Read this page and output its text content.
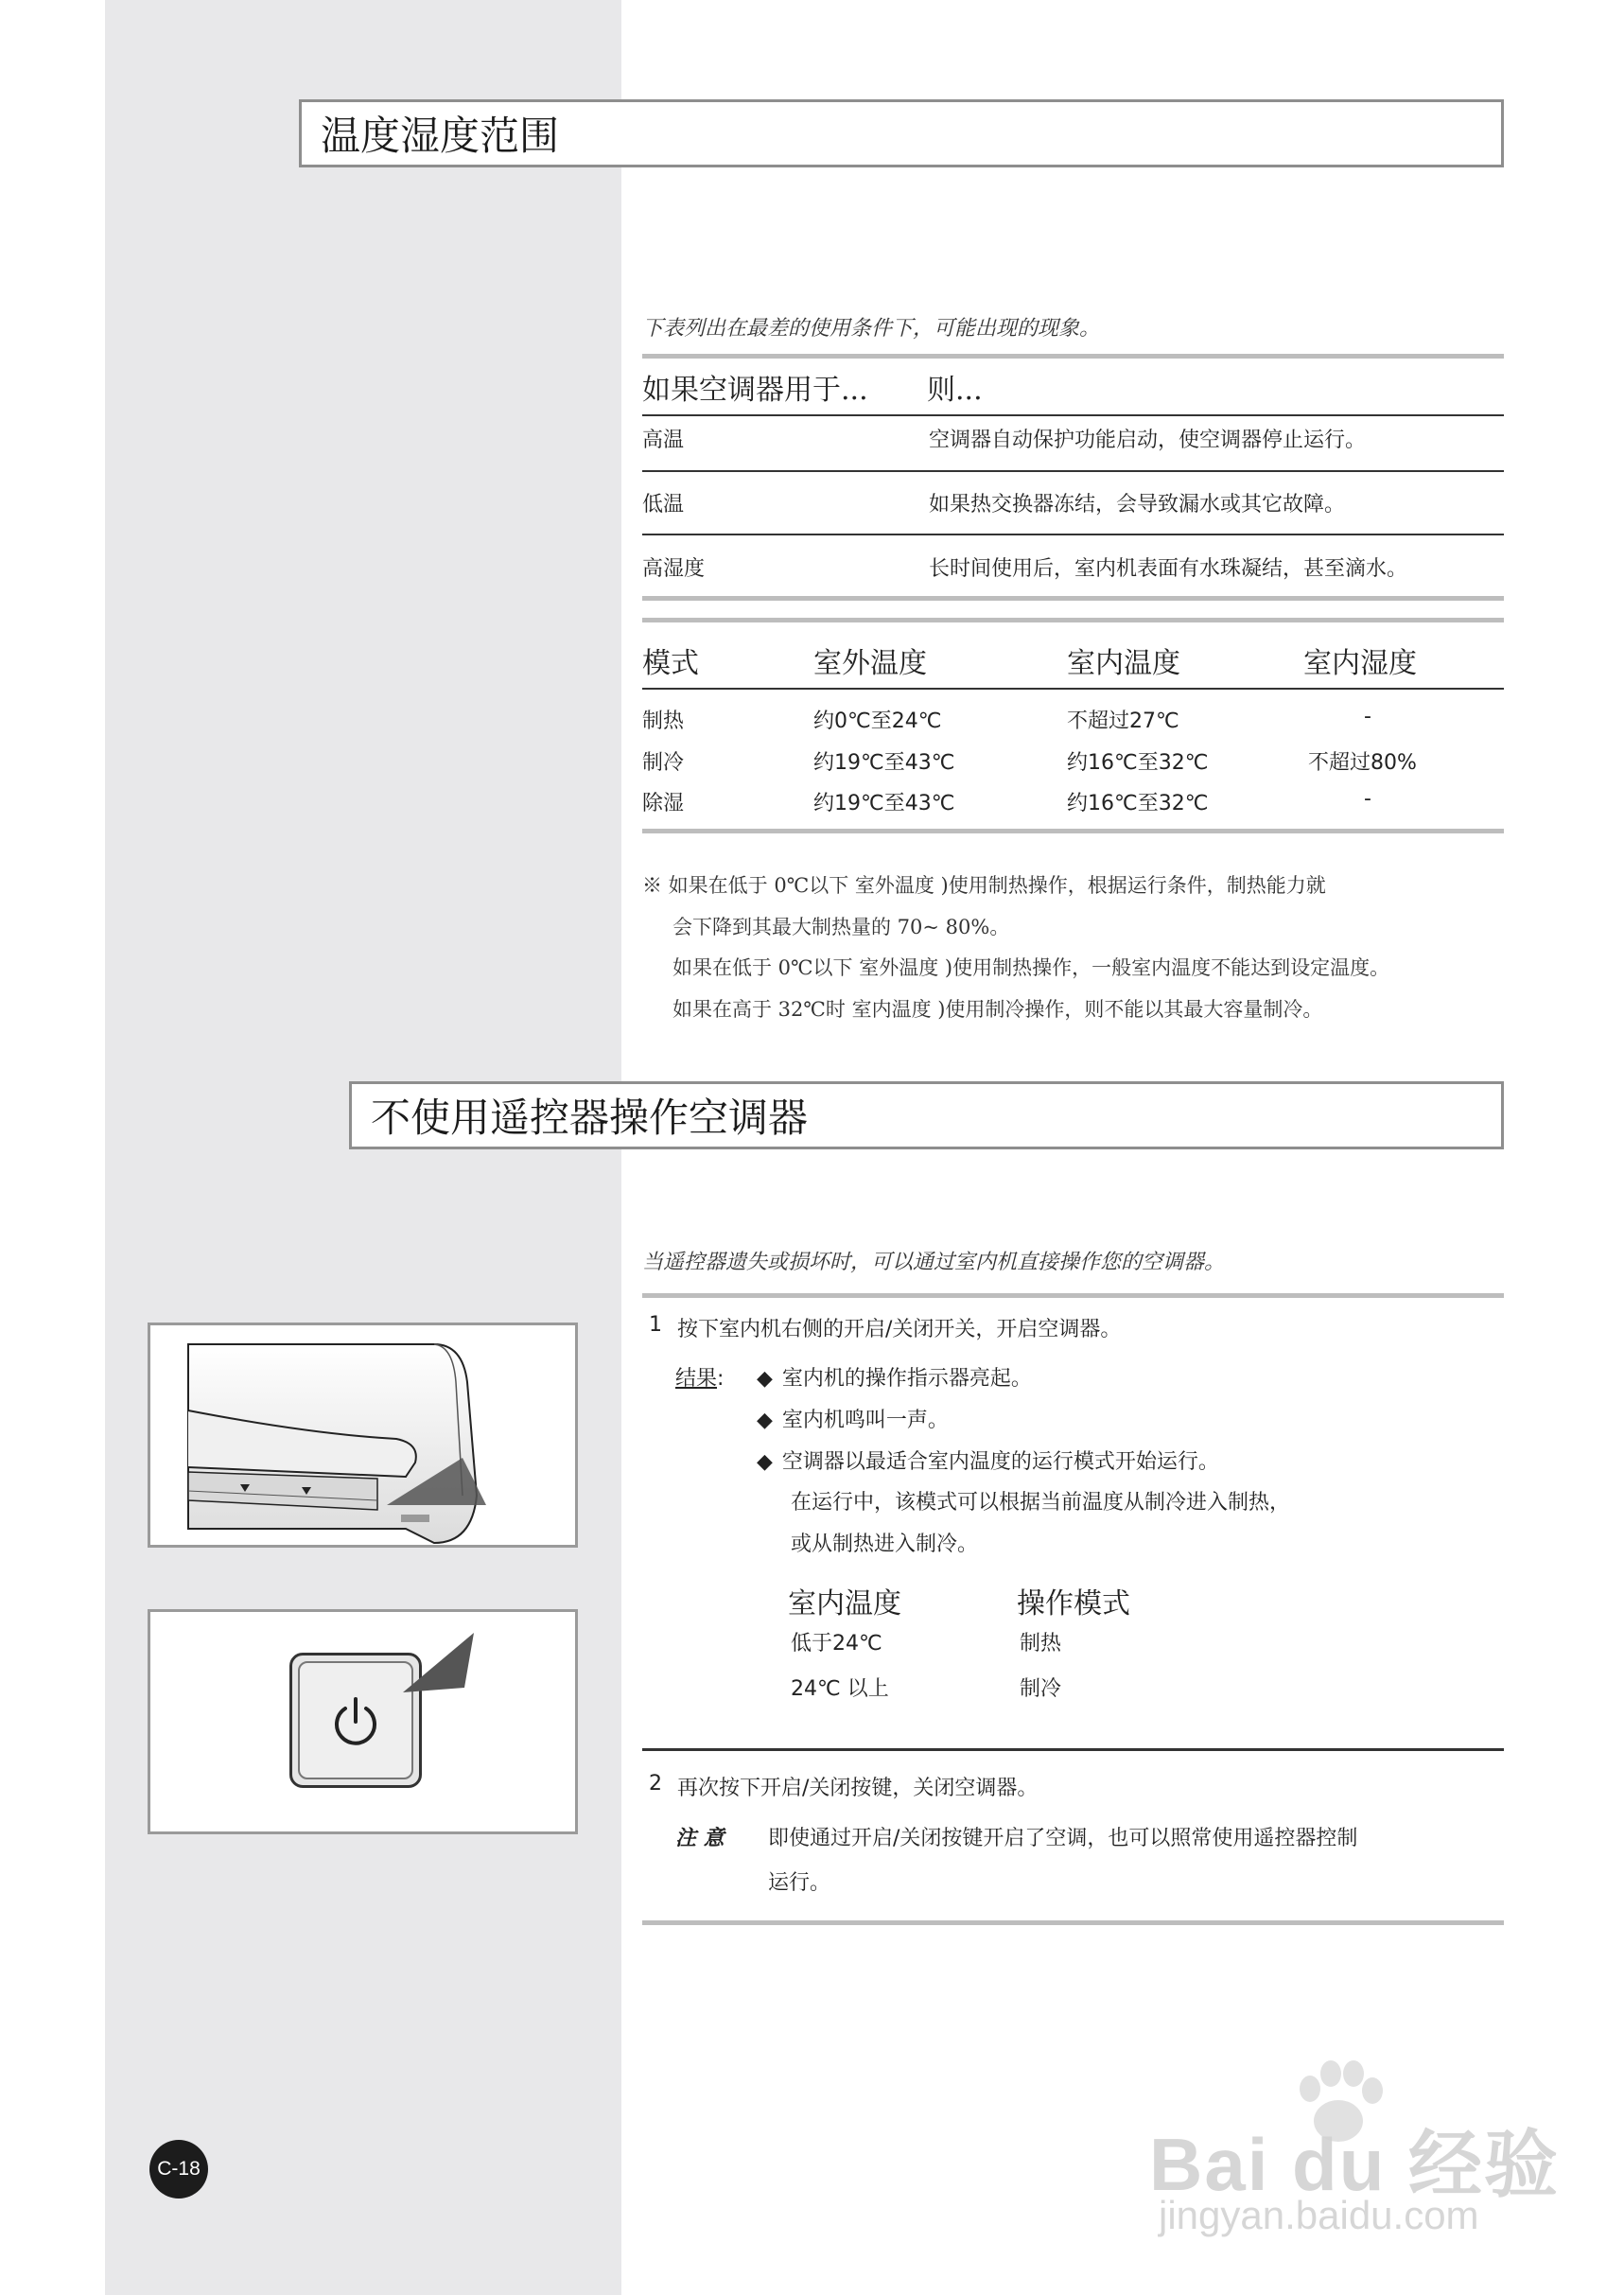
温度湿度范围
下表列出在最差的使用条件下，可能出现的现象。
如果空调器用于... 则...
高温	空调器自动保护功能启动，使空调器停止运行。
低温	如果热交换器冻结，会导致漏水或其它故障。
高湿度	长时间使用后，室内机表面有水珠凝结，甚至滴水。
模式	室外温度	室内温度	室内湿度
制热	约0℃至24℃	不超过27℃	-
制冷	约19℃至43℃	约16℃至32℃	不超过80%
除湿	约19℃至43℃	约16℃至32℃	-
※ 如果在低于 0℃以下 室外温度 )使用制热操作，根据运行条件，制热能力就
会下降到其最大制热量的 70~ 80%。
如果在低于 0℃以下 室外温度 )使用制热操作，一般室内温度不能达到设定温度。
如果在高于 32℃时 室内温度 )使用制冷操作，则不能以其最大容量制冷。
不使用遥控器操作空调器
当遥控器遗失或损坏时，可以通过室内机直接操作您的空调器。
1 按下室内机右侧的开启/关闭开关，开启空调器。
结果: ◆ 室内机的操作指示器亮起。
◆ 室内机鸣叫一声。
◆ 空调器以最适合室内温度的运行模式开始运行。
在运行中，该模式可以根据当前温度从制冷进入制热，
或从制热进入制冷。
室内温度	操作模式
低于24℃	制热
24℃ 以上	制冷
2 再次按下开启/关闭按键，关闭空调器。
注 意 即使通过开启/关闭按键开启了空调，也可以照常使用遥控器控制
运行。
C-18	Bai du 经验
jingyan.baidu.com
